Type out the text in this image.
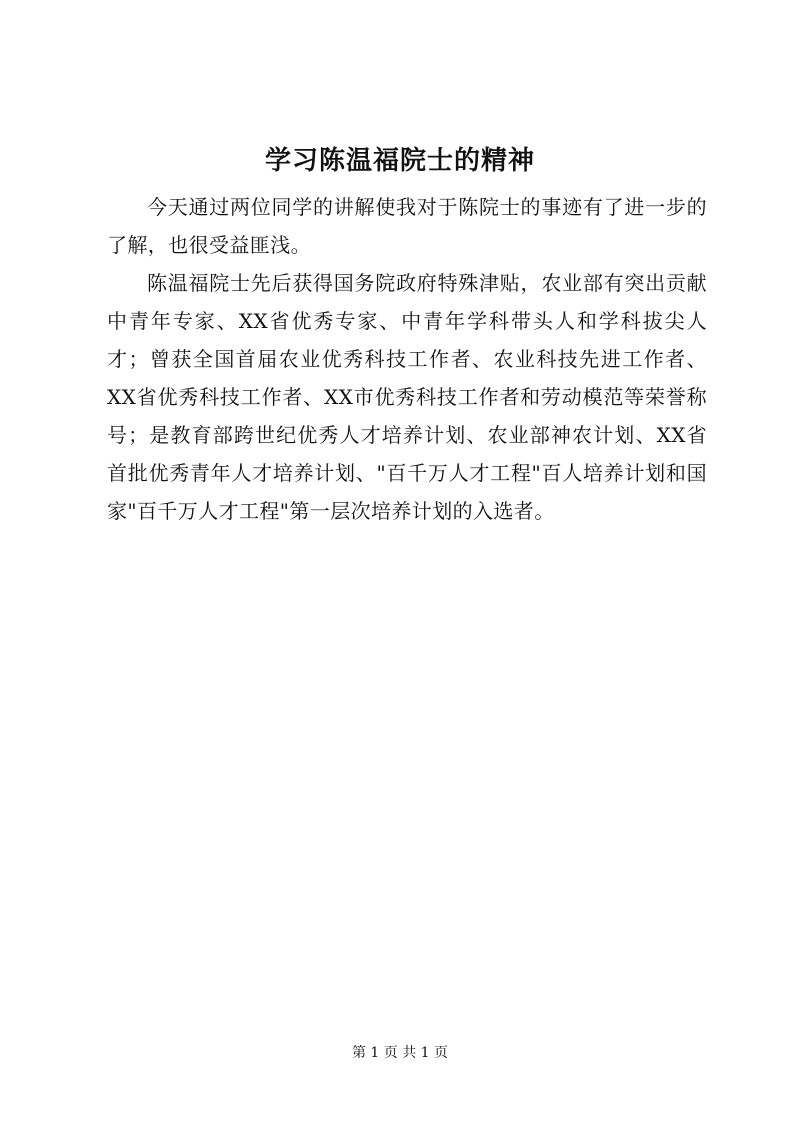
学习陈温福院士的精神

今天通过两位同学的讲解使我对于陈院士的事迹有了进一步的了解，也很受益匪浅。

陈温福院士先后获得国务院政府特殊津贴，农业部有突出贡献中青年专家、XX省优秀专家、中青年学科带头人和学科拔尖人才；曾获全国首届农业优秀科技工作者、农业科技先进工作者、XX省优秀科技工作者、XX市优秀科技工作者和劳动模范等荣誉称号；是教育部跨世纪优秀人才培养计划、农业部神农计划、XX省首批优秀青年人才培养计划、"百千万人才工程"百人培养计划和国家"百千万人才工程"第一层次培养计划的入选者。

第 1 页 共 1 页
